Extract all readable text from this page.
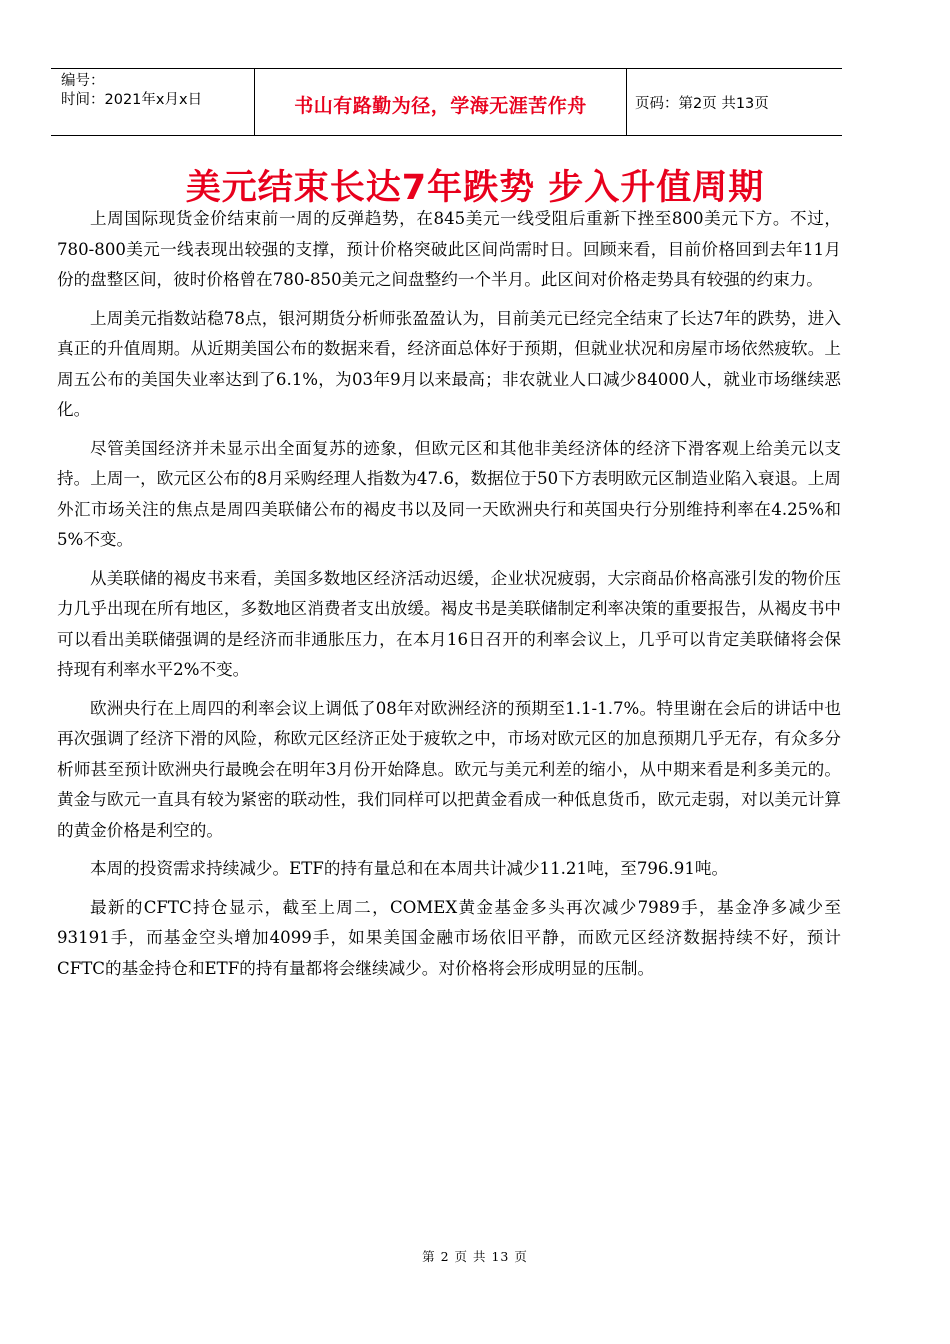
编号：
时间：2021年x月x日	书山有路勤为径，学海无涯苦作舟	页码：第2页 共13页
美元结束长达7年跌势 步入升值周期

上周国际现货金价结束前一周的反弹趋势，在845美元一线受阻后重新下挫至800美元下方。不过，780-800美元一线表现出较强的支撑，预计价格突破此区间尚需时日。回顾来看，目前价格回到去年11月份的盘整区间，彼时价格曾在780-850美元之间盘整约一个半月。此区间对价格走势具有较强的约束力。

上周美元指数站稳78点，银河期货分析师张盈盈认为，目前美元已经完全结束了长达7年的跌势，进入真正的升值周期。从近期美国公布的数据来看，经济面总体好于预期，但就业状况和房屋市场依然疲软。上周五公布的美国失业率达到了6.1%，为03年9月以来最高；非农就业人口减少84000人，就业市场继续恶化。

尽管美国经济并未显示出全面复苏的迹象，但欧元区和其他非美经济体的经济下滑客观上给美元以支持。上周一，欧元区公布的8月采购经理人指数为47.6，数据位于50下方表明欧元区制造业陷入衰退。上周外汇市场关注的焦点是周四美联储公布的褐皮书以及同一天欧洲央行和英国央行分别维持利率在4.25%和5%不变。

从美联储的褐皮书来看，美国多数地区经济活动迟缓，企业状况疲弱，大宗商品价格高涨引发的物价压力几乎出现在所有地区，多数地区消费者支出放缓。褐皮书是美联储制定利率决策的重要报告，从褐皮书中可以看出美联储强调的是经济而非通胀压力，在本月16日召开的利率会议上，几乎可以肯定美联储将会保持现有利率水平2%不变。

欧洲央行在上周四的利率会议上调低了08年对欧洲经济的预期至1.1-1.7%。特里谢在会后的讲话中也再次强调了经济下滑的风险，称欧元区经济正处于疲软之中，市场对欧元区的加息预期几乎无存，有众多分析师甚至预计欧洲央行最晚会在明年3月份开始降息。欧元与美元利差的缩小，从中期来看是利多美元的。黄金与欧元一直具有较为紧密的联动性，我们同样可以把黄金看成一种低息货币，欧元走弱，对以美元计算的黄金价格是利空的。

本周的投资需求持续减少。ETF的持有量总和在本周共计减少11.21吨，至796.91吨。

最新的CFTC持仓显示，截至上周二，COMEX黄金基金多头再次减少7989手，基金净多减少至93191手，而基金空头增加4099手，如果美国金融市场依旧平静，而欧元区经济数据持续不好，预计CFTC的基金持仓和ETF的持有量都将会继续减少。对价格将会形成明显的压制。

第 2 页 共 13 页
